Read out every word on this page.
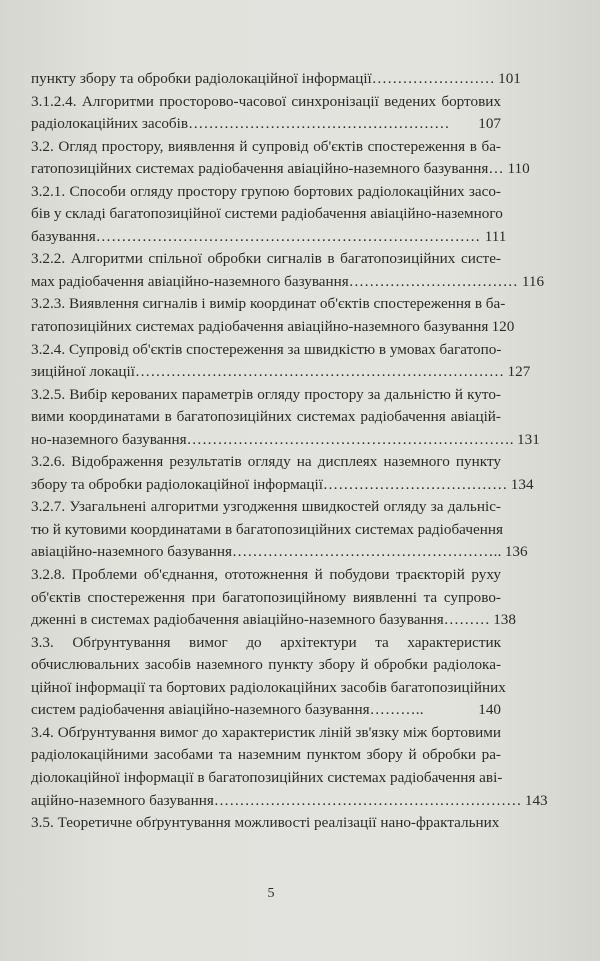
пункту збору та обробки радіолокаційної інформації …………………… 101
3.1.2.4. Алгоритми просторово-часової синхронізації ведених бортових
радіолокаційних засобів …………………………………………… 107
3.2. Огляд простору, виявлення й супровід об'єктів спостереження в ба-
гатопозиційних системах радіобачення авіаційно-наземного базування … 110
3.2.1. Способи огляду простору групою бортових радіолокаційних засо-
бів у складі багатопозиційної системи радіобачення авіаційно-наземного
базування ………………………………………………………………… 111
3.2.2. Алгоритми спільної обробки сигналів в багатопозиційних систе-
мах радіобачення авіаційно-наземного базування …………………………… 116
3.2.3. Виявлення сигналів і вимір координат об'єктів спостереження в ба-
гатопозиційних системах радіобачення авіаційно-наземного базування 120
3.2.4. Супровід об'єктів спостереження за швидкістю в умовах багатопо-
зиційної локації ……………………………………………………………… 127
3.2.5. Вибір керованих параметрів огляду простору за дальністю й куто-
вими координатами в багатопозиційних системах радіобачення авіацій-
но-наземного базування ………………………………………………………. 131
3.2.6. Відображення результатів огляду на дисплеях наземного пункту
збору та обробки радіолокаційної інформації ……………………………… 134
3.2.7. Узагальнені алгоритми узгодження швидкостей огляду за дальніс-
тю й кутовими координатами в багатопозиційних системах радіобачення
авіаційно-наземного базування …………………………………………….. 136
3.2.8. Проблеми об'єднання, ототожнення й побудови траєкторій руху
об'єктів спостереження при багатопозиційному виявленні та супрово-
дженні в системах радіобачення авіаційно-наземного базування ……… 138
3.3. Обґрунтування вимог до архітектури та характеристик
обчислювальних засобів наземного пункту збору й обробки радіолока-
ційної інформації та бортових радіолокаційних засобів багатопозиційних
систем радіобачення авіаційно-наземного базування ………..	140
3.4. Обґрунтування вимог до характеристик ліній зв'язку між бортовими
радіолокаційними засобами та наземним пунктом збору й обробки ра-
діолокаційної інформації в багатопозиційних системах радіобачення аві-
аційно-наземного базування …………………………………………………… 143
3.5. Теоретичне обґрунтування можливості реалізації нано-фрактальних
5
